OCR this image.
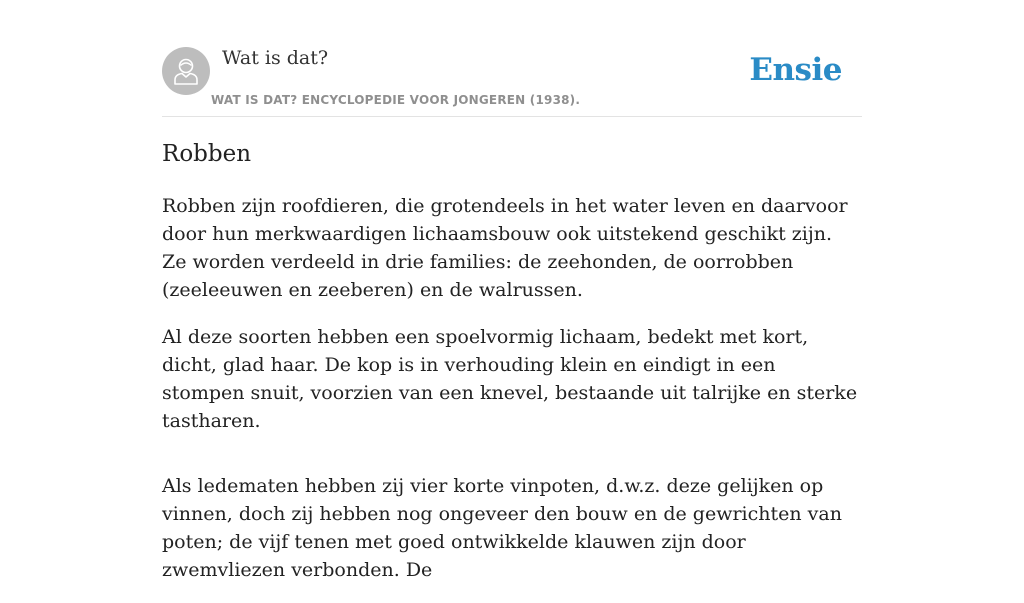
Wat is dat?
WAT IS DAT? ENCYCLOPEDIE VOOR JONGEREN (1938).
Ensie
Robben

Robben zijn roofdieren, die grotendeels in het water leven en daarvoor door hun merkwaardigen lichaamsbouw ook uitstekend geschikt zijn. Ze worden verdeeld in drie families: de zeehonden, de oorrobben (zeeleeuwen en zeeberen) en de walrussen.

Al deze soorten hebben een spoelvormig lichaam, bedekt met kort, dicht, glad haar. De kop is in verhouding klein en eindigt in een stompen snuit, voorzien van een knevel, bestaande uit talrijke en sterke tastharen.

Als ledematen hebben zij vier korte vinpoten, d.w.z. deze gelijken op vinnen, doch zij hebben nog ongeveer den bouw en de gewrichten van poten; de vijf tenen met goed ontwikkelde klauwen zijn door zwemvliezen verbonden. De
